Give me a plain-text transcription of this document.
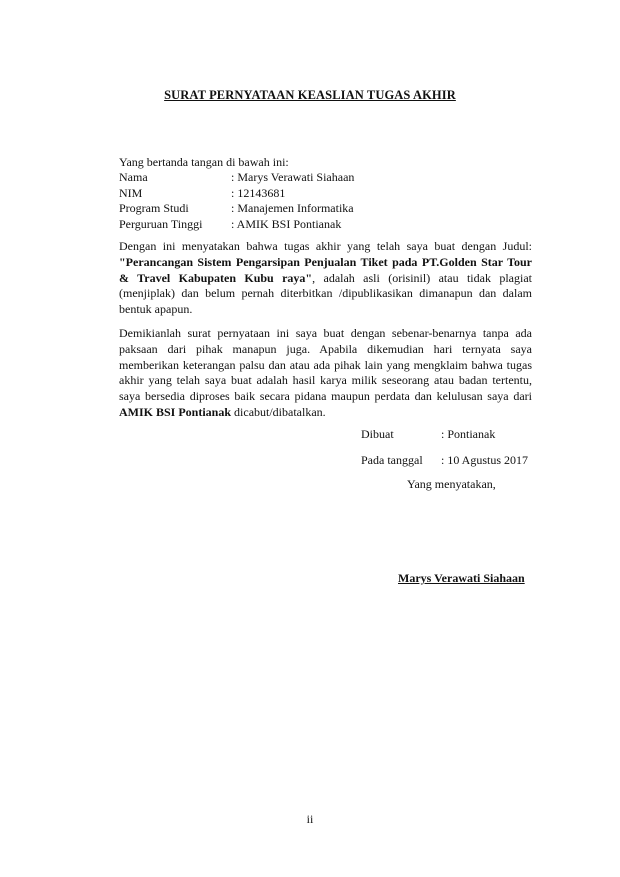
SURAT PERNYATAAN KEASLIAN TUGAS AKHIR
Yang bertanda tangan di bawah ini:
Nama	: Marys Verawati Siahaan
NIM	: 12143681
Program Studi	: Manajemen Informatika
Perguruan Tinggi	: AMIK BSI Pontianak

Dengan ini menyatakan bahwa tugas akhir yang telah saya buat dengan Judul: "Perancangan Sistem Pengarsipan Penjualan Tiket pada PT.Golden Star Tour & Travel Kabupaten Kubu raya", adalah asli (orisinil) atau tidak plagiat (menjiplak) dan belum pernah diterbitkan /dipublikasikan dimanapun dan dalam bentuk apapun.

Demikianlah surat pernyataan ini saya buat dengan sebenar-benarnya tanpa ada paksaan dari pihak manapun juga. Apabila dikemudian hari ternyata saya memberikan keterangan palsu dan atau ada pihak lain yang mengklaim bahwa tugas akhir yang telah saya buat adalah hasil karya milik seseorang atau badan tertentu, saya bersedia diproses baik secara pidana maupun perdata dan kelulusan saya dari AMIK BSI Pontianak dicabut/dibatalkan.

Dibuat	: Pontianak
Pada tanggal : 10 Agustus 2017
Yang menyatakan,
Marys Verawati Siahaan
ii
